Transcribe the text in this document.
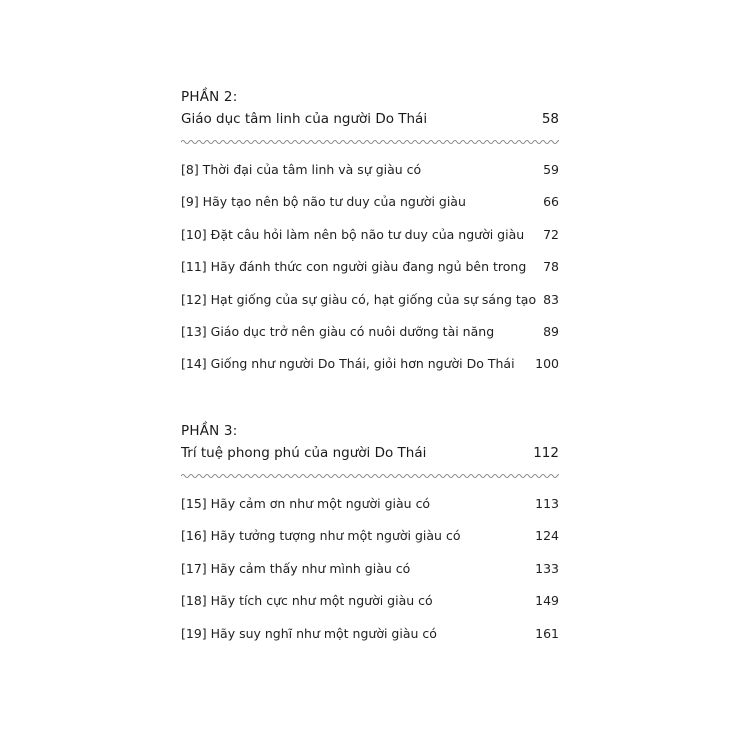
PHẦN 2:
Giáo dục tâm linh của người Do Thái	58
[8] Thời đại của tâm linh và sự giàu có	59
[9] Hãy tạo nên bộ não tư duy của người giàu	66
[10] Đặt câu hỏi làm nên bộ não tư duy của người giàu 72
[11] Hãy đánh thức con người giàu đang ngủ bên trong 78
[12] Hạt giống của sự giàu có, hạt giống của sự sáng tạo 83
[13] Giáo dục trở nên giàu có nuôi dưỡng tài năng	89
[14] Giống như người Do Thái, giỏi hơn người Do Thái 100
PHẦN 3:
Trí tuệ phong phú của người Do Thái	112
[15] Hãy cảm ơn như một người giàu có	113
[16] Hãy tưởng tượng như một người giàu có	124
[17] Hãy cảm thấy như mình giàu có	133
[18] Hãy tích cực như một người giàu có	149
[19] Hãy suy nghĩ như một người giàu có	161
